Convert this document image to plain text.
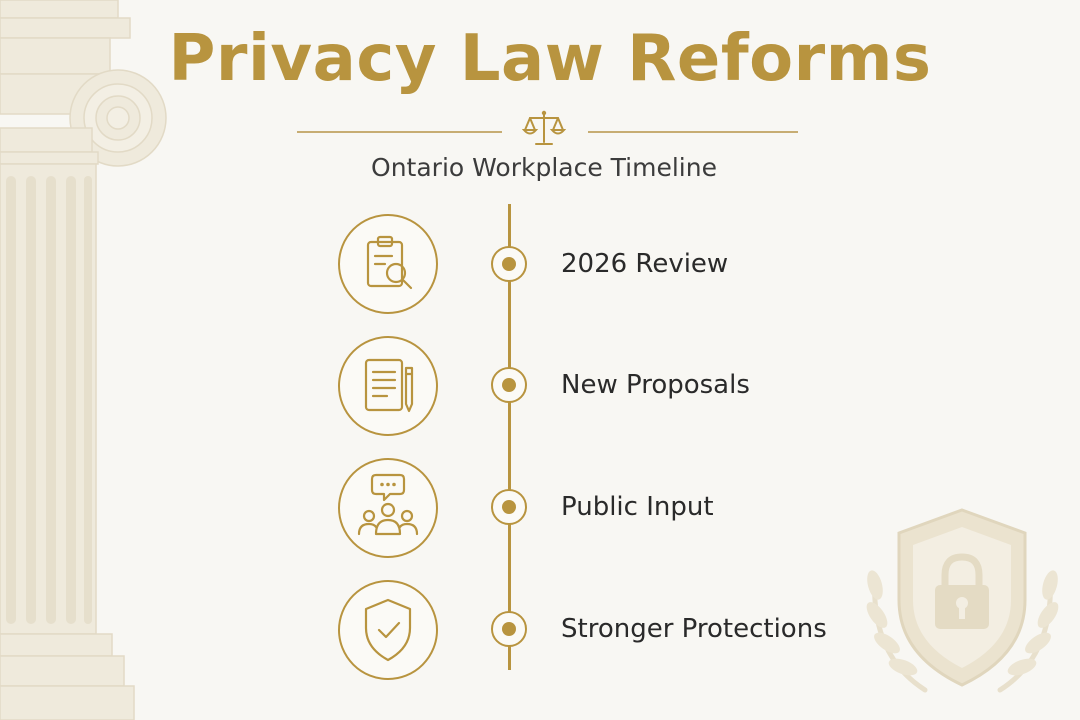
Privacy Law Reforms

Ontario Workplace Timeline

2026 Review
New Proposals
Public Input
Stronger Protections
